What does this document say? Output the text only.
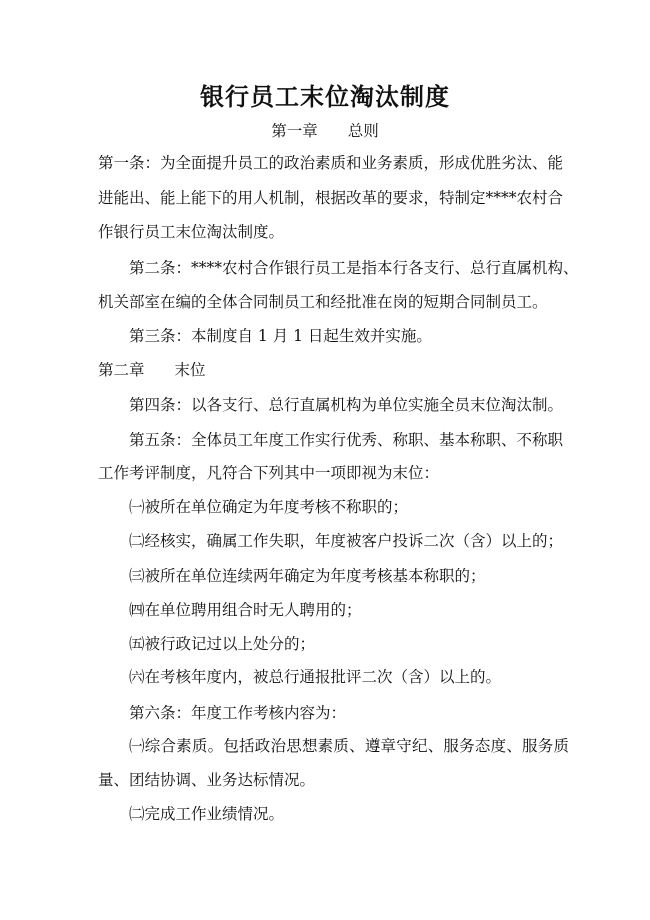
银行员工末位淘汰制度

第一章 总则

第一条：为全面提升员工的政治素质和业务素质，形成优胜劣汰、能

进能出、能上能下的用人机制，根据改革的要求，特制定****农村合

作银行员工末位淘汰制度。

第二条：****农村合作银行员工是指本行各支行、总行直属机构、

机关部室在编的全体合同制员工和经批准在岗的短期合同制员工。

第三条：本制度自 1 月 1 日起生效并实施。

第二章 末位

第四条：以各支行、总行直属机构为单位实施全员末位淘汰制。

第五条：全体员工年度工作实行优秀、称职、基本称职、不称职

工作考评制度，凡符合下列其中一项即视为末位：

㈠被所在单位确定为年度考核不称职的；

㈡经核实，确属工作失职，年度被客户投诉二次（含）以上的；

㈢被所在单位连续两年确定为年度考核基本称职的；

㈣在单位聘用组合时无人聘用的；

㈤被行政记过以上处分的；

㈥在考核年度内，被总行通报批评二次（含）以上的。

第六条：年度工作考核内容为：

㈠综合素质。包括政治思想素质、遵章守纪、服务态度、服务质

量、团结协调、业务达标情况。

㈡完成工作业绩情况。
